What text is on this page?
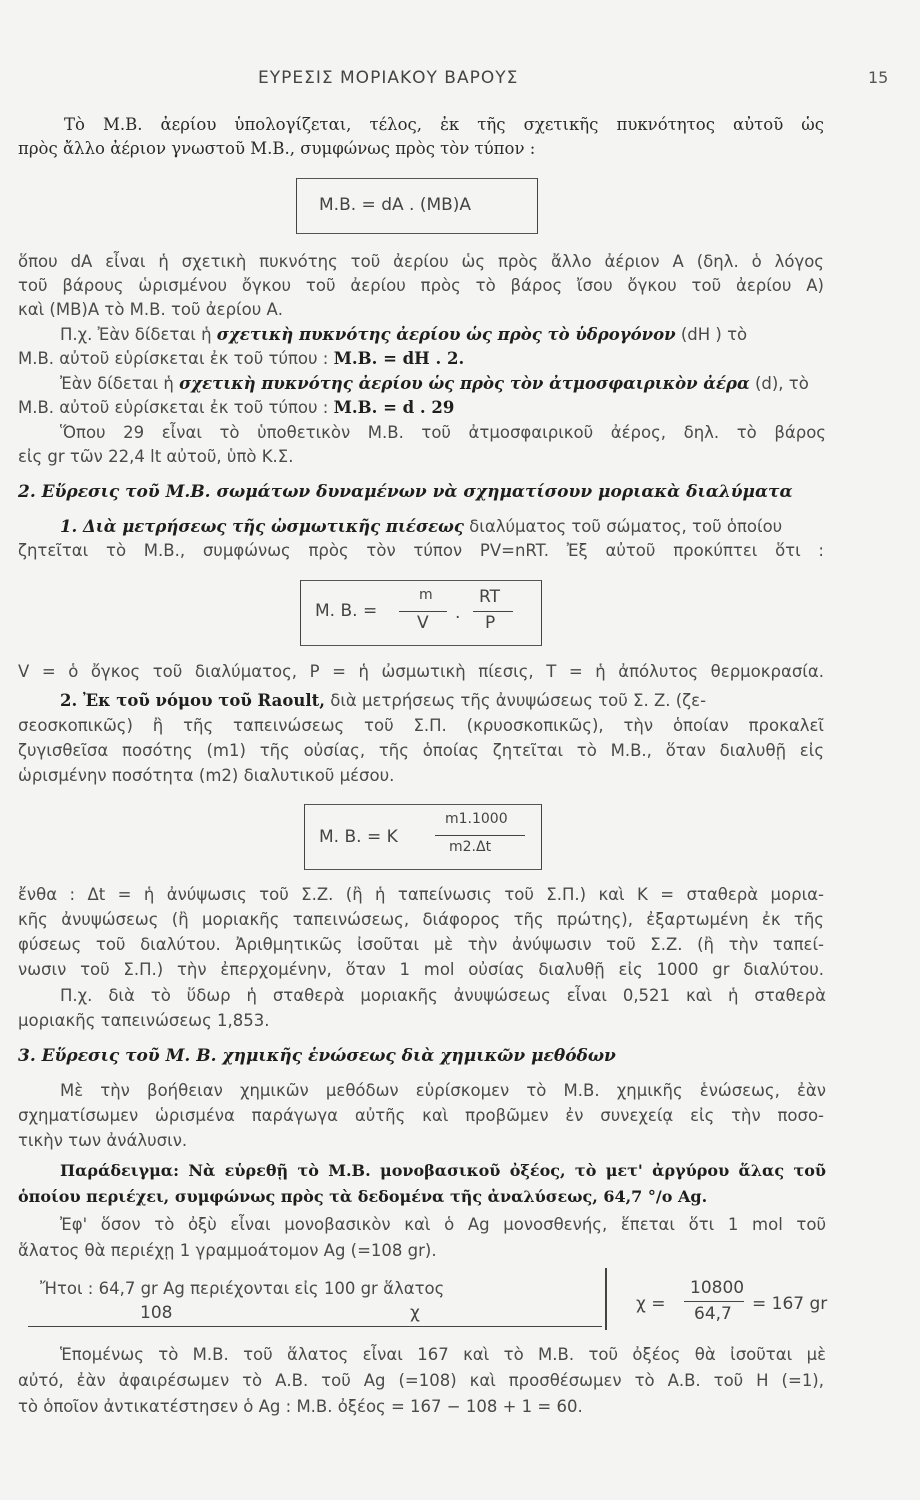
ΕΥΡΕΣΙΣ ΜΟΡΙΑΚΟΥ ΒΑΡΟΥΣ	15
Τὸ Μ.Β. ἀερίου ὑπολογίζεται, τέλος, ἐκ τῆς σχετικῆς πυκνότητος αὐτοῦ ὡς
πρὸς ἄλλο ἀέριον γνωστοῦ Μ.Β., συμφώνως πρὸς τὸν τύπον :
Μ.Β. = dA . (ΜΒ)A
ὅπου dA εἶναι ἡ σχετικὴ πυκνότης τοῦ ἀερίου ὡς πρὸς ἄλλο ἀέριον Α (δηλ. ὁ λόγος
τοῦ βάρους ὡρισμένου ὄγκου τοῦ ἀερίου πρὸς τὸ βάρος ἴσου ὄγκου τοῦ ἀερίου Α)
καὶ (ΜΒ)A τὸ Μ.Β. τοῦ ἀερίου Α.
Π.χ. Ἐὰν δίδεται ἡ σχετικὴ πυκνότης ἀερίου ὡς πρὸς τὸ ὑδρογόνον (dH ) τὸ
Μ.Β. αὐτοῦ εὑρίσκεται ἐκ τοῦ τύπου : Μ.Β. = dH . 2.
Ἐὰν δίδεται ἡ σχετικὴ πυκνότης ἀερίου ὡς πρὸς τὸν ἀτμοσφαιρικὸν ἀέρα (d), τὸ
Μ.Β. αὐτοῦ εὑρίσκεται ἐκ τοῦ τύπου : Μ.Β. = d . 29
Ὅπου 29 εἶναι τὸ ὑποθετικὸν Μ.Β. τοῦ ἀτμοσφαιρικοῦ ἀέρος, δηλ. τὸ βάρος
εἰς gr τῶν 22,4 lt αὐτοῦ, ὑπὸ Κ.Σ.
2. Εὕρεσις τοῦ Μ.Β. σωμάτων δυναμένων νὰ σχηματίσουν μοριακὰ διαλύματα
1. Διὰ μετρήσεως τῆς ὠσμωτικῆς πιέσεως διαλύματος τοῦ σώματος, τοῦ ὁποίου
ζητεῖται τὸ Μ.Β., συμφώνως πρὸς τὸν τύπον PV=nRT. Ἐξ αὐτοῦ προκύπτει ὅτι :
Μ. Β. =
m
V .
RT
P
V = ὁ ὄγκος τοῦ διαλύματος, P = ἡ ὠσμωτικὴ πίεσις, T = ἡ ἀπόλυτος θερμοκρασία.
2. Ἐκ τοῦ νόμου τοῦ Raoult, διὰ μετρήσεως τῆς ἀνυψώσεως τοῦ Σ. Ζ. (ζε-
σεοσκοπικῶς) ἢ τῆς ταπεινώσεως τοῦ Σ.Π. (κρυοσκοπικῶς), τὴν ὁποίαν προκαλεῖ
ζυγισθεῖσα ποσότης (m1) τῆς οὐσίας, τῆς ὁποίας ζητεῖται τὸ Μ.Β., ὅταν διαλυθῇ εἰς
ὡρισμένην ποσότητα (m2) διαλυτικοῦ μέσου.
Μ. Β. = Κ
m1.1000
m2.Δt
ἔνθα : Δt = ἡ ἀνύψωσις τοῦ Σ.Ζ. (ἢ ἡ ταπείνωσις τοῦ Σ.Π.) καὶ Κ = σταθερὰ μορια-
κῆς ἀνυψώσεως (ἢ μοριακῆς ταπεινώσεως, διάφορος τῆς πρώτης), ἐξαρτωμένη ἐκ τῆς
φύσεως τοῦ διαλύτου. Ἀριθμητικῶς ἰσοῦται μὲ τὴν ἀνύψωσιν τοῦ Σ.Ζ. (ἢ τὴν ταπεί-
νωσιν τοῦ Σ.Π.) τὴν ἐπερχομένην, ὅταν 1 mol οὐσίας διαλυθῇ εἰς 1000 gr διαλύτου.
Π.χ. διὰ τὸ ὕδωρ ἡ σταθερὰ μοριακῆς ἀνυψώσεως εἶναι 0,521 καὶ ἡ σταθερὰ
μοριακῆς ταπεινώσεως 1,853.
3. Εὕρεσις τοῦ Μ. Β. χημικῆς ἑνώσεως διὰ χημικῶν μεθόδων
Μὲ τὴν βοήθειαν χημικῶν μεθόδων εὑρίσκομεν τὸ Μ.Β. χημικῆς ἑνώσεως, ἐὰν
σχηματίσωμεν ὡρισμένα παράγωγα αὐτῆς καὶ προβῶμεν ἐν συνεχείᾳ εἰς τὴν ποσο-
τικὴν των ἀνάλυσιν.
Παράδειγμα: Νὰ εὑρεθῇ τὸ Μ.Β. μονοβασικοῦ ὀξέος, τὸ μετ' ἀργύρου ἅλας τοῦ
ὁποίου περιέχει, συμφώνως πρὸς τὰ δεδομένα τῆς ἀναλύσεως, 64,7 °/o Ag.
Ἐφ' ὅσον τὸ ὀξὺ εἶναι μονοβασικὸν καὶ ὁ Ag μονοσθενής, ἕπεται ὅτι 1 mol τοῦ
ἅλατος θὰ περιέχῃ 1 γραμμοάτομον Ag (=108 gr).
Ἤτοι : 64,7 gr Ag περιέχονται εἰς 100 gr ἅλατος
108	χ	χ =
10800
64,7 = 167 gr
Ἑπομένως τὸ Μ.Β. τοῦ ἅλατος εἶναι 167 καὶ τὸ Μ.Β. τοῦ ὀξέος θὰ ἰσοῦται μὲ
αὐτό, ἐὰν ἀφαιρέσωμεν τὸ Α.Β. τοῦ Ag (=108) καὶ προσθέσωμεν τὸ Α.Β. τοῦ Η (=1),
τὸ ὁποῖον ἀντικατέστησεν ὁ Ag : Μ.Β. ὀξέος = 167 − 108 + 1 = 60.
